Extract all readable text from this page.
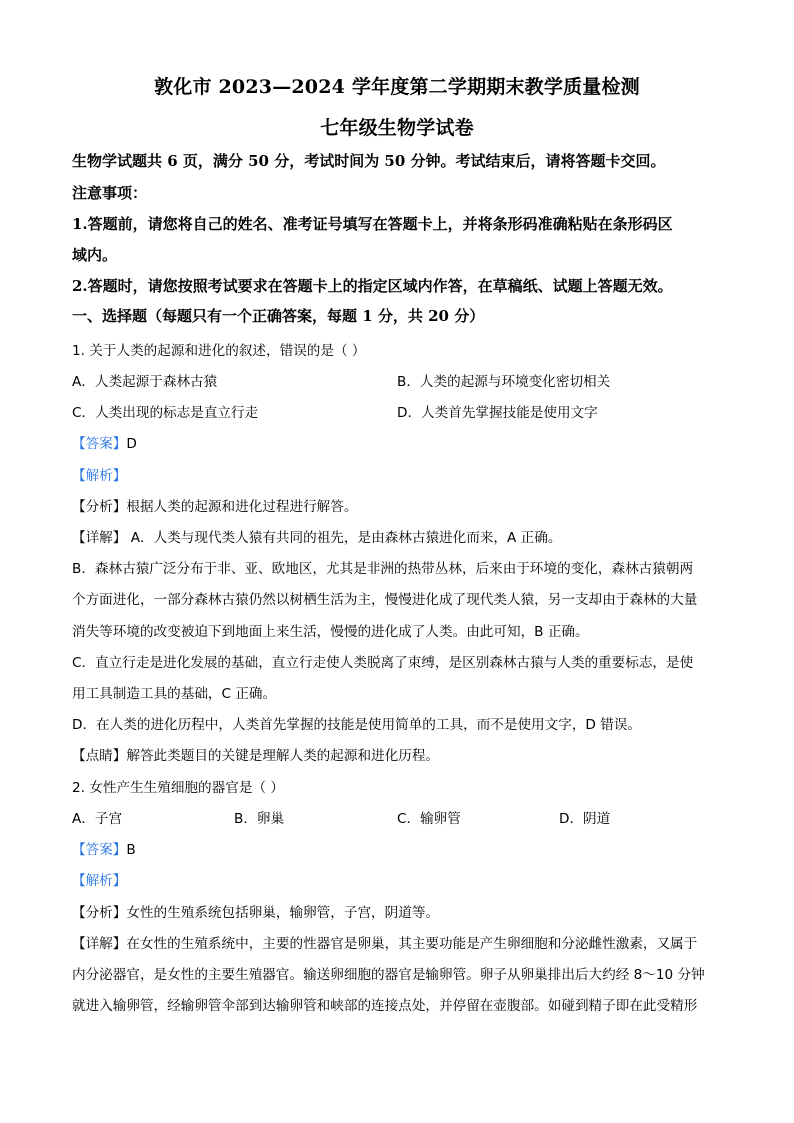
敦化市 2023—2024 学年度第二学期期末教学质量检测
七年级生物学试卷
生物学试题共 6 页，满分 50 分，考试时间为 50 分钟。考试结束后，请将答题卡交回。
注意事项：
1.答题前，请您将自己的姓名、准考证号填写在答题卡上，并将条形码准确粘贴在条形码区
域内。
2.答题时，请您按照考试要求在答题卡上的指定区域内作答，在草稿纸、试题上答题无效。
一、选择题（每题只有一个正确答案，每题 1 分，共 20 分）
1. 关于人类的起源和进化的叙述，错误的是（ ）
A．人类起源于森林古猿	B．人类的起源与环境变化密切相关
C．人类出现的标志是直立行走	D．人类首先掌握技能是使用文字
【答案】D
【解析】
【分析】根据人类的起源和进化过程进行解答。
【详解】 A．人类与现代类人猿有共同的祖先，是由森林古猿进化而来，A 正确。
B．森林古猿广泛分布于非、亚、欧地区，尤其是非洲的热带丛林，后来由于环境的变化，森林古猿朝两
个方面进化，一部分森林古猿仍然以树栖生活为主，慢慢进化成了现代类人猿，另一支却由于森林的大量
消失等环境的改变被迫下到地面上来生活，慢慢的进化成了人类。由此可知，B 正确。
C．直立行走是进化发展的基础，直立行走使人类脱离了束缚，是区别森林古猿与人类的重要标志，是使
用工具制造工具的基础，C 正确。
D．在人类的进化历程中，人类首先掌握的技能是使用简单的工具，而不是使用文字，D 错误。
【点睛】解答此类题目的关键是理解人类的起源和进化历程。
2. 女性产生生殖细胞的器官是（ ）
A．子宫	B．卵巢	C．输卵管	D．阴道
【答案】B
【解析】
【分析】女性的生殖系统包括卵巢，输卵管，子宫，阴道等。
【详解】在女性的生殖系统中，主要的性器官是卵巢，其主要功能是产生卵细胞和分泌雌性激素，又属于
内分泌器官，是女性的主要生殖器官。输送卵细胞的器官是输卵管。卵子从卵巢排出后大约经 8～10 分钟
就进入输卵管，经输卵管伞部到达输卵管和峡部的连接点处，并停留在壶腹部。如碰到精子即在此受精形
